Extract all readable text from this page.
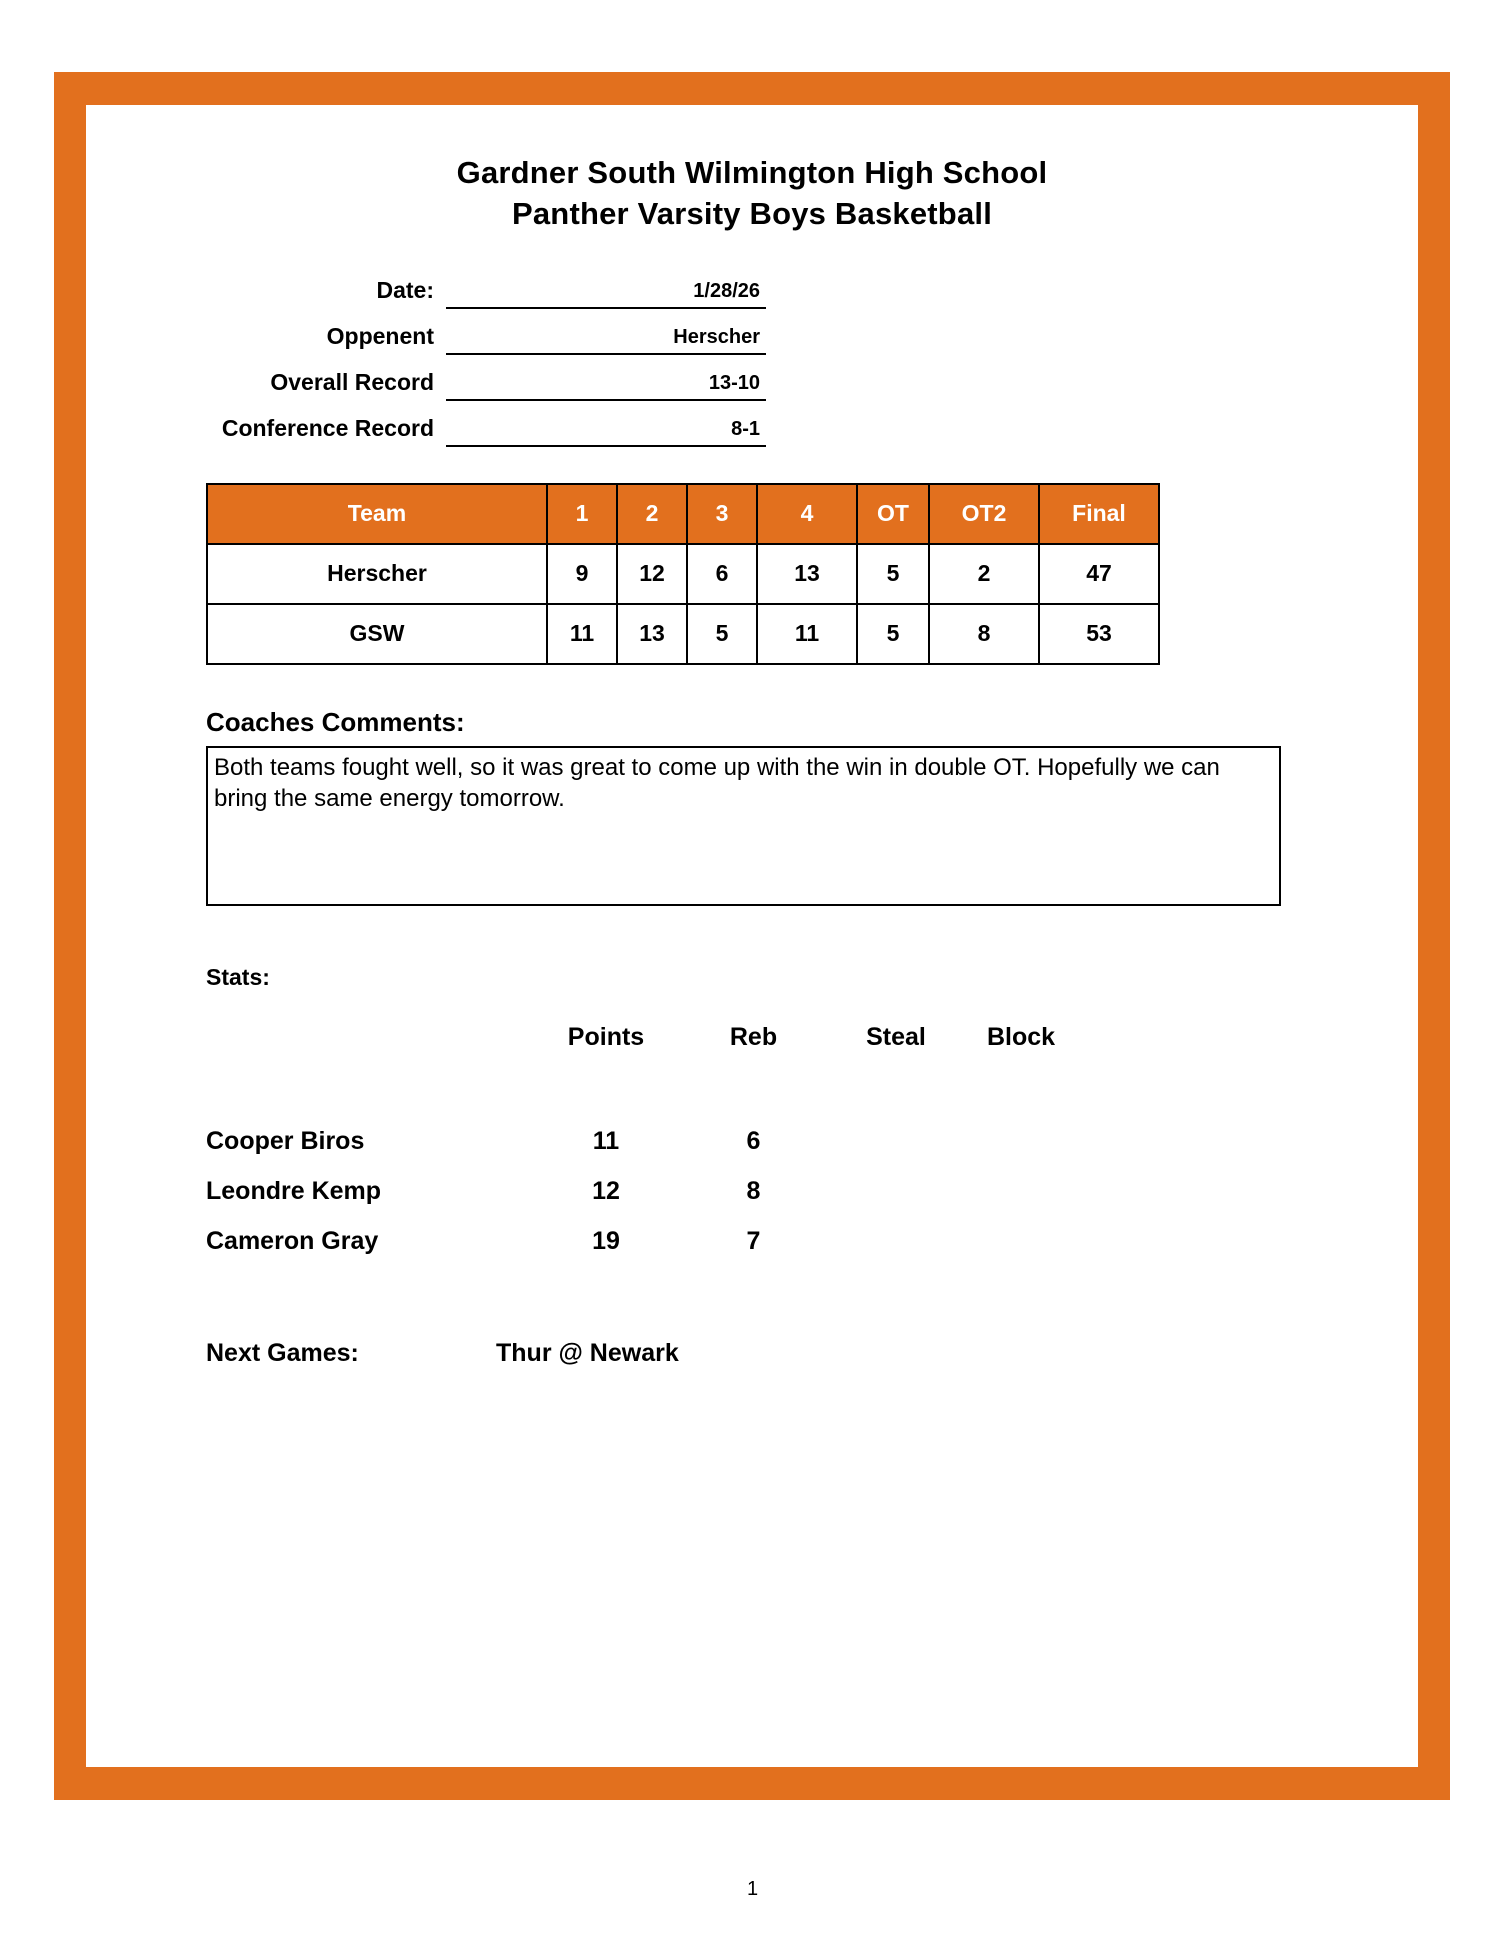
Gardner South Wilmington High School
Panther Varsity Boys Basketball
Date:	1/28/26
Oppenent	Herscher
Overall Record	13-10
Conference Record	8-1
Team	1	2	3	4	OT	OT2	Final
Herscher	9	12	6	13	5	2	47
GSW	11	13	5	11	5	8	53
Coaches Comments:
Both teams fought well, so it was great to come up with the win in double OT. Hopefully we can bring the same energy tomorrow.
Stats:
	Points	Reb	Steal	Block

Cooper Biros	11	6		
Leondre Kemp	12	8		
Cameron Gray	19	7		
Next Games:	Thur @ Newark
1
